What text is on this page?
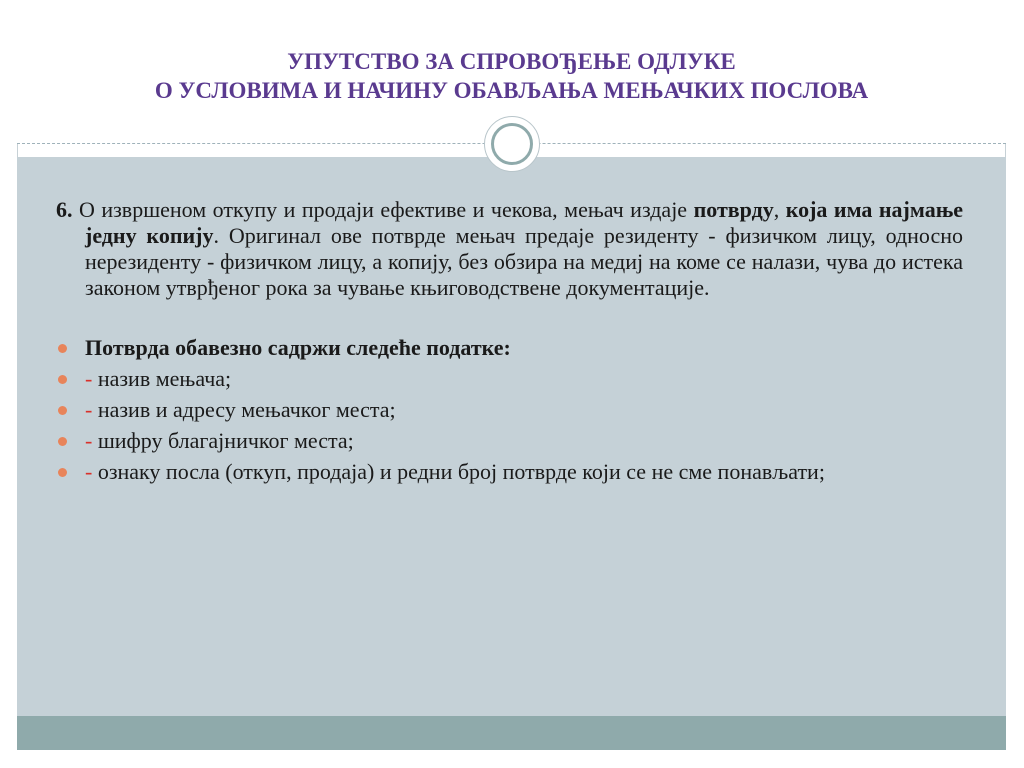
УПУТСТВО ЗА СПРОВОЂЕЊЕ ОДЛУКЕ
О УСЛОВИМА И НАЧИНУ ОБАВЉАЊА МЕЊАЧКИХ ПОСЛОВА

6. О извршеном откупу и продаји ефективе и чекова, мењач издаје потврду, која има најмање једну копију. Оригинал ове потврде мењач предаје резиденту - физичком лицу, односно нерезиденту - физичком лицу, а копију, без обзира на медиј на коме се налази, чува до истека законом утврђеног рока за чување књиговодствене документације.

Потврда обавезно садржи следеће податке:
- назив мењача;
- назив и адресу мењачког места;
- шифру благајничког места;
- ознаку посла (откуп, продаја) и редни број потврде који се не сме понављати;
